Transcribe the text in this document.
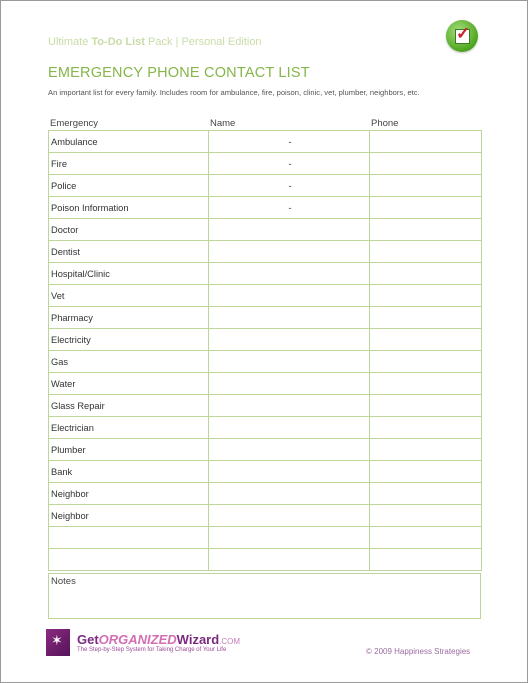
Ultimate To-Do List Pack | Personal Edition	✓
EMERGENCY PHONE CONTACT LIST
An important list for every family. Includes room for ambulance, fire, poison, clinic, vet, plumber, neighbors, etc.
Emergency	Name	Phone
Ambulance	-	
Fire	-	
Police	-	
Poison Information	-	
Doctor		
Dentist		
Hospital/Clinic		
Vet		
Pharmacy		
Electricity		
Gas		
Water		
Glass Repair		
Electrician		
Plumber		
Bank		
Neighbor		
Neighbor		

Notes
✶ GetORGANIZEDWizard.COM
The Step-by-Step System for Taking Charge of Your Life	© 2009 Happiness Strategies
